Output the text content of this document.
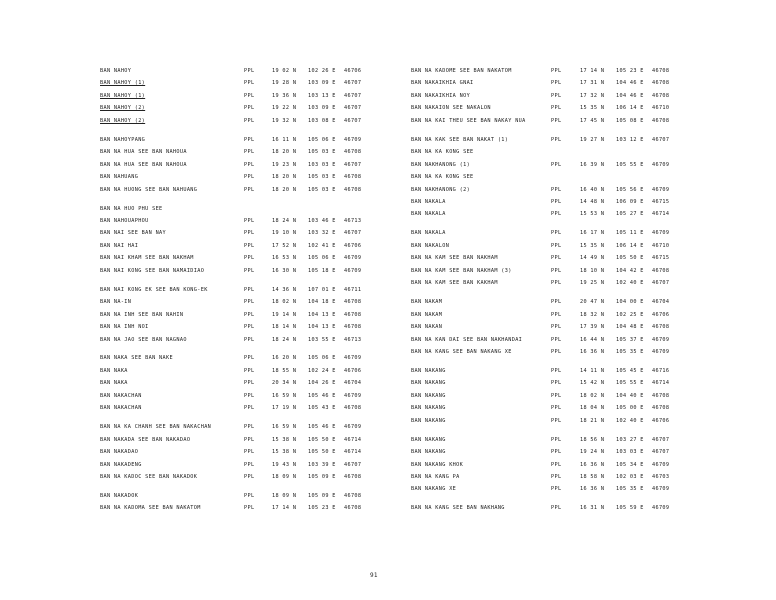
BAN NAHOY	PPL	19 02 N 102 26 E 46706
BAN NAHOY (1)	PPL	19 28 N 103 09 E 46707
BAN NAHOY (1)	PPL	19 36 N 103 13 E 46707
BAN NAHOY (2)	PPL	19 22 N 103 09 E 46707
BAN NAHOY (2)	PPL	19 32 N 103 08 E 46707
BAN NAHOYPANG	PPL	16 11 N 105 06 E 46709
BAN NA HUA SEE BAN NAHOUA	PPL	18 20 N 105 03 E 46708
BAN NA HUA SEE BAN NAHOUA	PPL	19 23 N 103 03 E 46707
BAN NAHUANG	PPL	18 20 N 105 03 E 46708
BAN NA HUONG SEE BAN NAHUANG	PPL	18 20 N 105 03 E 46708
BAN NA HUO PHU SEE
BAN NAHOUAPHOU	PPL	18 24 N 103 46 E 46713
BAN NAI SEE BAN NAY	PPL	19 10 N 103 32 E 46707
BAN NAI HAI	PPL	17 52 N 102 41 E 46706
BAN NAI KHAM SEE BAN NAKHAM	PPL	16 53 N 105 06 E 46709
BAN NAI KONG SEE BAN NAMAIDIAO	PPL	16 30 N 105 18 E 46709
BAN NAI KONG EK SEE BAN KONG-EK	PPL	14 36 N 107 01 E 46711
BAN NA-IN	PPL	18 02 N 104 18 E 46708
BAN NA INH SEE BAN NAHIN	PPL	19 14 N 104 13 E 46708
BAN NA INH NOI	PPL	18 14 N 104 13 E 46708
BAN NA JAO SEE BAN NAGNAO	PPL	18 24 N 103 55 E 46713
BAN NAKA SEE BAN NAKE	PPL	16 20 N 105 06 E 46709
BAN NAKA	PPL	18 55 N 102 24 E 46706
BAN NAKA	PPL	20 34 N 104 26 E 46704
BAN NAKACHAN	PPL	16 59 N 105 46 E 46709
BAN NAKACHAN	PPL	17 19 N 105 43 E 46708
BAN NA KA CHANH SEE BAN NAKACHAN	PPL	16 59 N 105 46 E 46709
BAN NAKADA SEE BAN NAKADAO	PPL	15 38 N 105 50 E 46714
BAN NAKADAO	PPL	15 38 N 105 50 E 46714
BAN NAKADENG	PPL	19 43 N 103 39 E 46707
BAN NA KADOC SEE BAN NAKADOK	PPL	18 09 N 105 09 E 46708
BAN NAKADOK	PPL	18 09 N 105 09 E 46708
BAN NA KADOMA SEE BAN NAKATOM	PPL	17 14 N 105 23 E 46708
BAN NA KADOME SEE BAN NAKATOM	PPL	17 14 N 105 23 E 46708
BAN NAKAIKHIA GNAI	PPL	17 31 N 104 46 E 46708
BAN NAKAIKHIA NOY	PPL	17 32 N 104 46 E 46708
BAN NAKAION SEE NAKALON	PPL	15 35 N 106 14 E 46710
BAN NA KAI THEU SEE BAN NAKAY NUA	PPL	17 45 N 105 08 E 46708
BAN NA KAK SEE BAN NAKAT (1)	PPL	19 27 N 103 12 E 46707
BAN NA KA KONG SEE
BAN NAKHANONG (1)	PPL	16 39 N 105 55 E 46709
BAN NA KA KONG SEE
BAN NAKHANONG (2)	PPL	16 40 N 105 56 E 46709
BAN NAKALA	PPL	14 48 N 106 09 E 46715
BAN NAKALA	PPL	15 53 N 105 27 E 46714
BAN NAKALA	PPL	16 17 N 105 11 E 46709
BAN NAKALON	PPL	15 35 N 106 14 E 46710
BAN NA KAM SEE BAN NAKHAM	PPL	14 49 N 105 50 E 46715
BAN NA KAM SEE BAN NAKHAM (3)	PPL	18 10 N 104 42 E 46708
BAN NA KAM SEE BAN KAKHAM	PPL	19 25 N 102 40 E 46707
BAN NAKAM	PPL	20 47 N 104 00 E 46704
BAN NAKAM	PPL	18 32 N 102 25 E 46706
BAN NAKAN	PPL	17 39 N 104 48 E 46708
BAN NA KAN DAI SEE BAN NAKHANDAI	PPL	16 44 N 105 37 E 46709
BAN NA KANG SEE BAN NAKANG XE	PPL	16 36 N 105 35 E 46709
BAN NAKANG	PPL	14 11 N 105 45 E 46716
BAN NAKANG	PPL	15 42 N 105 55 E 46714
BAN NAKANG	PPL	18 02 N 104 40 E 46708
BAN NAKANG	PPL	18 04 N 105 00 E 46708
BAN NAKANG	PPL	18 21 N 102 40 E 46706
BAN NAKANG	PPL	18 56 N 103 27 E 46707
BAN NAKANG	PPL	19 24 N 103 03 E 46707
BAN NAKANG KHOK	PPL	16 36 N 105 34 E 46709
BAN NA KANG PA	PPL	18 58 N 102 03 E 46703
BAN NAKANG XE	PPL	16 36 N 105 35 E 46709
BAN NA KANG SEE BAN NAKHANG	PPL	16 31 N 105 59 E 46709
91
